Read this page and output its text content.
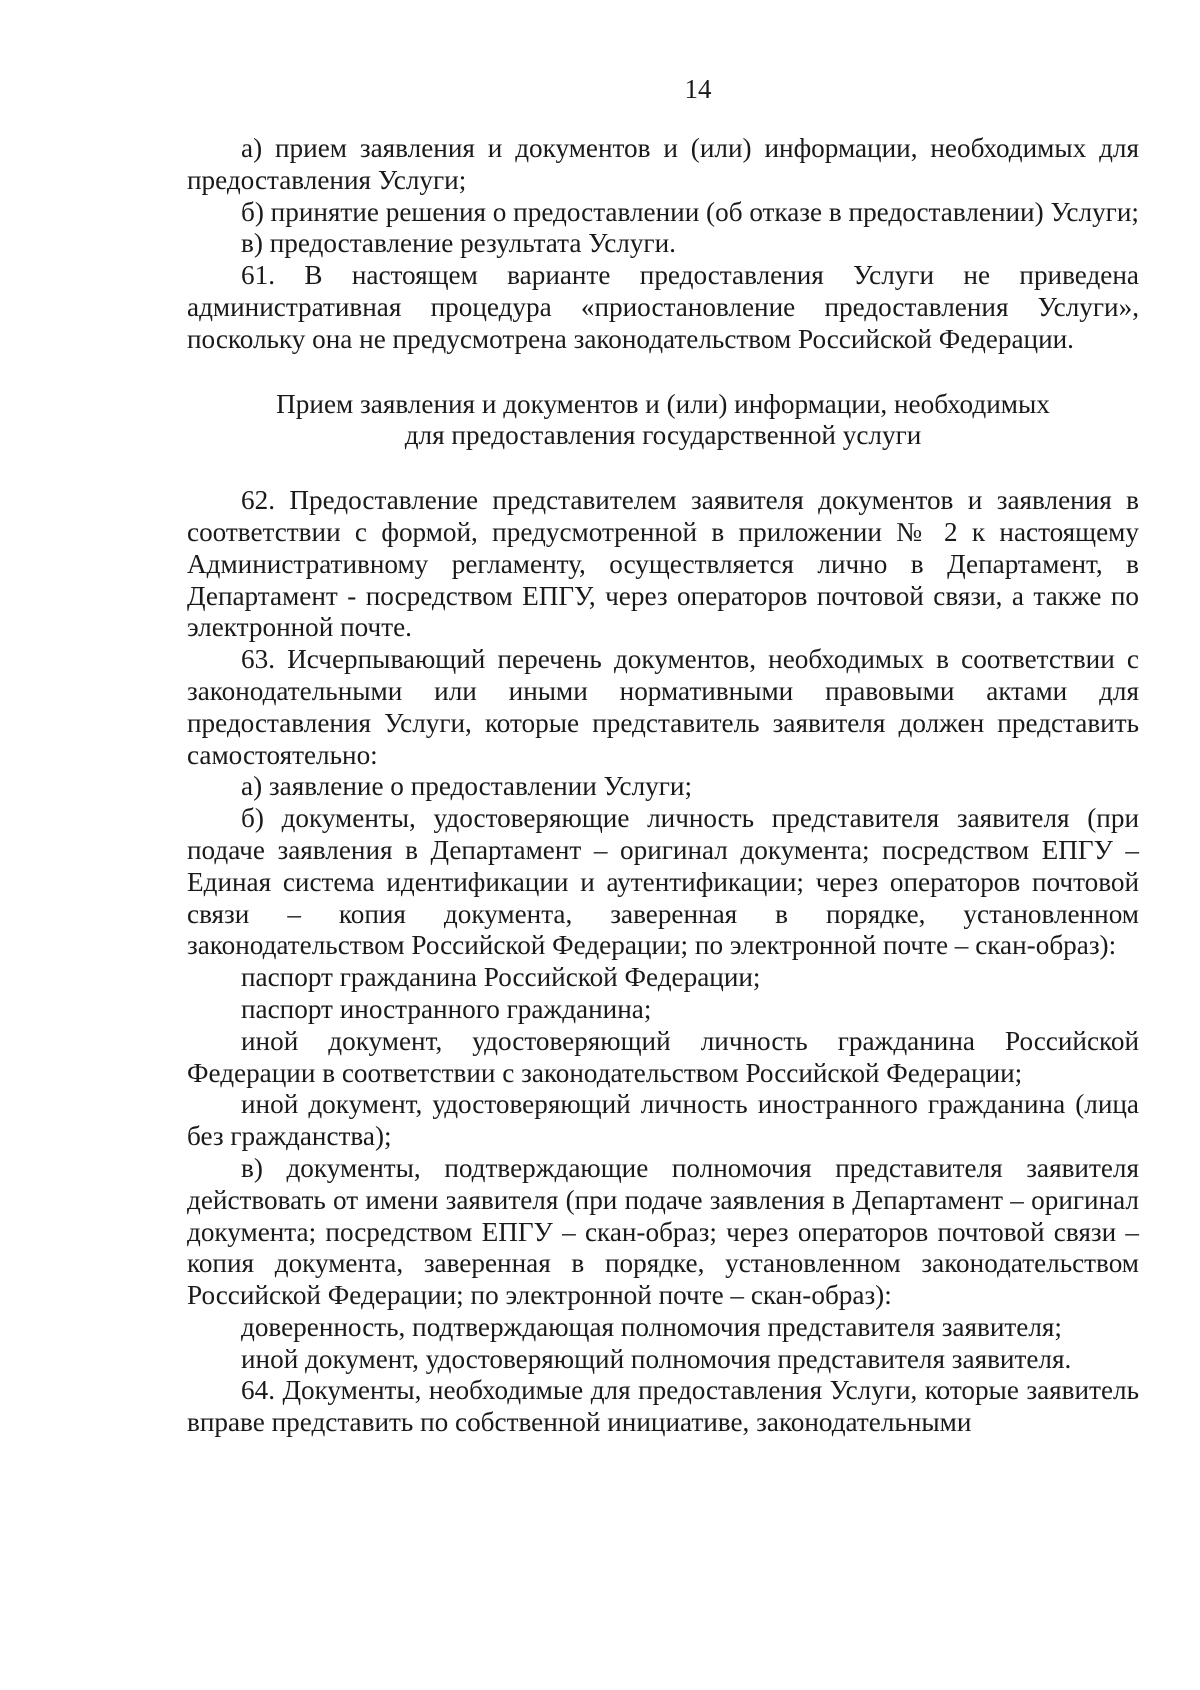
14

а) прием заявления и документов и (или) информации, необходимых для предоставления Услуги;

б) принятие решения о предоставлении (об отказе в предоставлении) Услуги;

в) предоставление результата Услуги.

61. В настоящем варианте предоставления Услуги не приведена административная процедура «приостановление предоставления Услуги», поскольку она не предусмотрена законодательством Российской Федерации.

Прием заявления и документов и (или) информации, необходимых
для предоставления государственной услуги

62. Предоставление представителем заявителя документов и заявления в соответствии с формой, предусмотренной в приложении № 2 к настоящему Административному регламенту, осуществляется лично в Департамент, в Департамент - посредством ЕПГУ, через операторов почтовой связи, а также по электронной почте.

63. Исчерпывающий перечень документов, необходимых в соответствии с законодательными или иными нормативными правовыми актами для предоставления Услуги, которые представитель заявителя должен представить самостоятельно:

а) заявление о предоставлении Услуги;

б) документы, удостоверяющие личность представителя заявителя (при подаче заявления в Департамент – оригинал документа; посредством ЕПГУ – Единая система идентификации и аутентификации; через операторов почтовой связи – копия документа, заверенная в порядке, установленном законодательством Российской Федерации; по электронной почте – скан-образ):

паспорт гражданина Российской Федерации;

паспорт иностранного гражданина;

иной документ, удостоверяющий личность гражданина Российской Федерации в соответствии с законодательством Российской Федерации;

иной документ, удостоверяющий личность иностранного гражданина (лица без гражданства);

в) документы, подтверждающие полномочия представителя заявителя действовать от имени заявителя (при подаче заявления в Департамент – оригинал документа; посредством ЕПГУ – скан-образ; через операторов почтовой связи – копия документа, заверенная в порядке, установленном законодательством Российской Федерации; по электронной почте – скан-образ):

доверенность, подтверждающая полномочия представителя заявителя;

иной документ, удостоверяющий полномочия представителя заявителя.

64. Документы, необходимые для предоставления Услуги, которые заявитель вправе представить по собственной инициативе, законодательными
